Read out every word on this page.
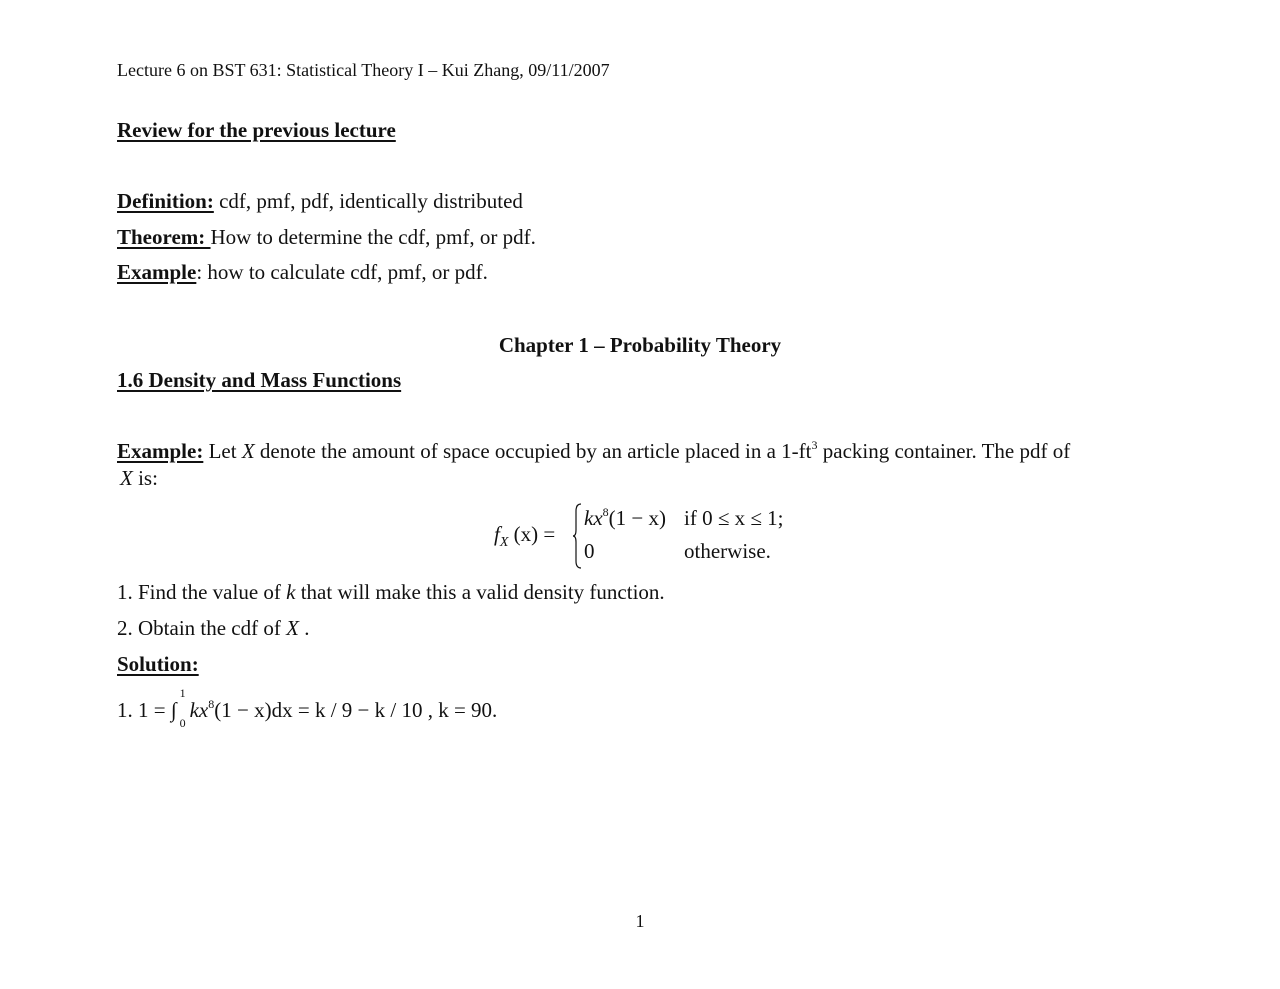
Lecture 6 on BST 631: Statistical Theory I – Kui Zhang, 09/11/2007
Review for the previous lecture
Definition: cdf, pmf, pdf, identically distributed
Theorem: How to determine the cdf, pmf, or pdf.
Example: how to calculate cdf, pmf, or pdf.
Chapter 1 – Probability Theory
1.6 Density and Mass Functions
Example: Let X denote the amount of space occupied by an article placed in a $1-ft^3$ packing container. The pdf of
X is:
$f_X$ (x) =
$kx^8(1 - x)$ if 0 ≤ x ≤ 1;
0	otherwise.
1. Find the value of k that will make this a valid density function.
2. Obtain the cdf of X .
Solution:
1. 1 = ∫
1
0
$kx^8(1 - x)dx = k / 9 - k / 10$ , k = 90.
1
